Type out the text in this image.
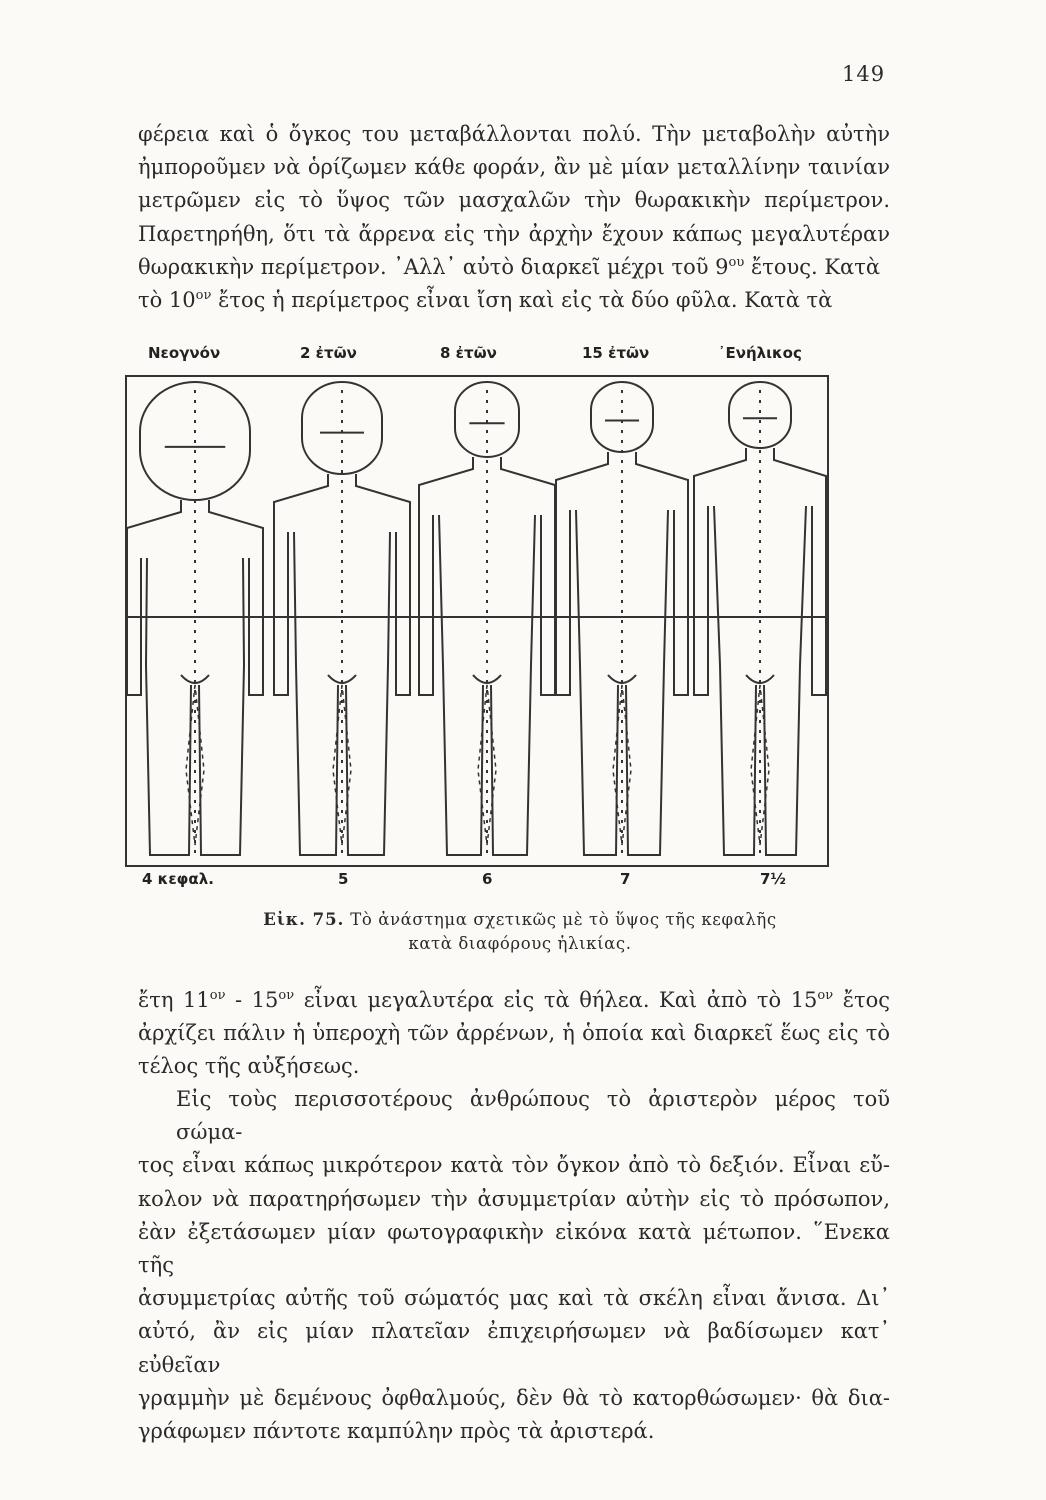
149
φέρεια καὶ ὁ ὄγκος του μεταβάλλονται πολύ. Τὴν μεταβολὴν αὐτὴν
ἠμποροῦμεν νὰ ὁρίζωμεν κάθε φοράν, ἂν μὲ μίαν μεταλλίνην ταινίαν
μετρῶμεν εἰς τὸ ὕψος τῶν μασχαλῶν τὴν θωρακικὴν περίμετρον.
Παρετηρήθη, ὅτι τὰ ἄρρενα εἰς τὴν ἀρχὴν ἔχουν κάπως μεγαλυτέραν
θωρακικὴν περίμετρον. ᾽Αλλ᾽ αὐτὸ διαρκεῖ μέχρι τοῦ $9^{o\upsilon}$ ἔτους. Κατὰ
τὸ $10^{o\nu}$ ἔτος ἡ περίμετρος εἶναι ἴση καὶ εἰς τὰ δύο φῦλα. Κατὰ τὰ
Νεογνόν	2 ἐτῶν	8 ἐτῶν	15 ἐτῶν	᾽Ενήλικος
4 κεφαλ.	5	6	7	7½
Εἰκ. 75. Τὸ ἀνάστημα σχετικῶς μὲ τὸ ὕψος τῆς κεφαλῆς
κατὰ διαφόρους ἡλικίας.
ἔτη $11^{o\nu} - 15^{o\nu}$ εἶναι μεγαλυτέρα εἰς τὰ θήλεα. Καὶ ἀπὸ τὸ $15^{o\nu}$ ἔτος
ἀρχίζει πάλιν ἡ ὑπεροχὴ τῶν ἀρρένων, ἡ ὁποία καὶ διαρκεῖ ἕως εἰς τὸ
τέλος τῆς αὐξήσεως.
Εἰς τοὺς περισσοτέρους ἀνθρώπους τὸ ἀριστερὸν μέρος τοῦ σώμα-
τος εἶναι κάπως μικρότερον κατὰ τὸν ὄγκον ἀπὸ τὸ δεξιόν. Εἶναι εὔ-
κολον νὰ παρατηρήσωμεν τὴν ἀσυμμετρίαν αὐτὴν εἰς τὸ πρόσωπον,
ἐὰν ἐξετάσωμεν μίαν φωτογραφικὴν εἰκόνα κατὰ μέτωπον. ῞Ενεκα τῆς
ἀσυμμετρίας αὐτῆς τοῦ σώματός μας καὶ τὰ σκέλη εἶναι ἄνισα. Δι᾽
αὐτό, ἂν εἰς μίαν πλατεῖαν ἐπιχειρήσωμεν νὰ βαδίσωμεν κατ᾽ εὐθεῖαν
γραμμὴν μὲ δεμένους ὀφθαλμούς, δὲν θὰ τὸ κατορθώσωμεν· θὰ δια-
γράφωμεν πάντοτε καμπύλην πρὸς τὰ ἀριστερά.
